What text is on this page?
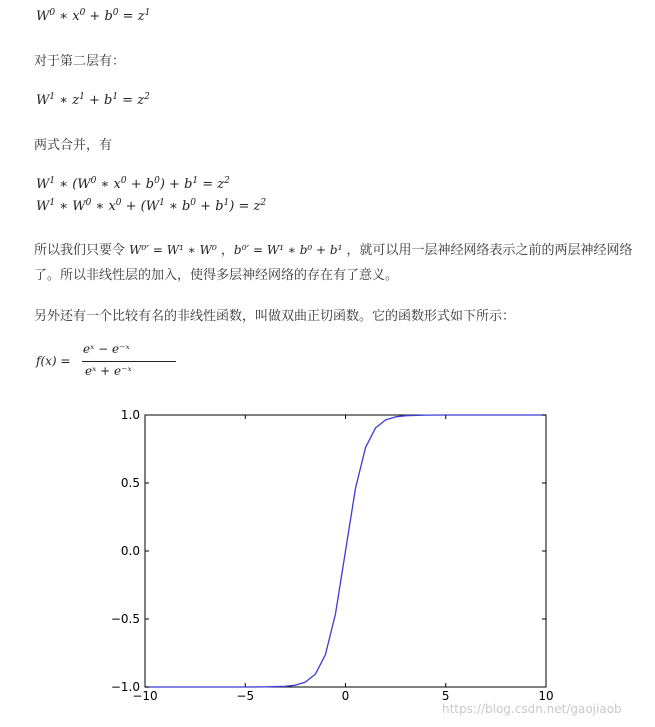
$W^0$ ∗ $x^0 + b^0 = z^1$
对于第二层有：
$W^1$ ∗ $z^1 + b^1 = z^2$
两式合并，有
$W^1$ ∗ ($W^0$ ∗ $x^0 + b^0) + b^1 = z^2$
$W^1$ ∗ $W^0$ ∗ $x^0 + (W^1$ ∗ $b^0 + b^1) = z^2$
所以我们只要令 W⁰′ = W¹ ∗ W⁰ ，b⁰′ = W¹ ∗ b⁰ + b¹ ，就可以用一层神经网络表示之前的两层神经网络了。所以非线性层的加入，使得多层神经网络的存在有了意义。
另外还有一个比较有名的非线性函数，叫做双曲正切函数。它的函数形式如下所示：
f(x) =
eˣ − e⁻ˣ
eˣ + e⁻ˣ
−10	−5	0	5	10
−1.0
−0.5
0.0
0.5
1.0
https://blog.csdn.net/gaojiaob
